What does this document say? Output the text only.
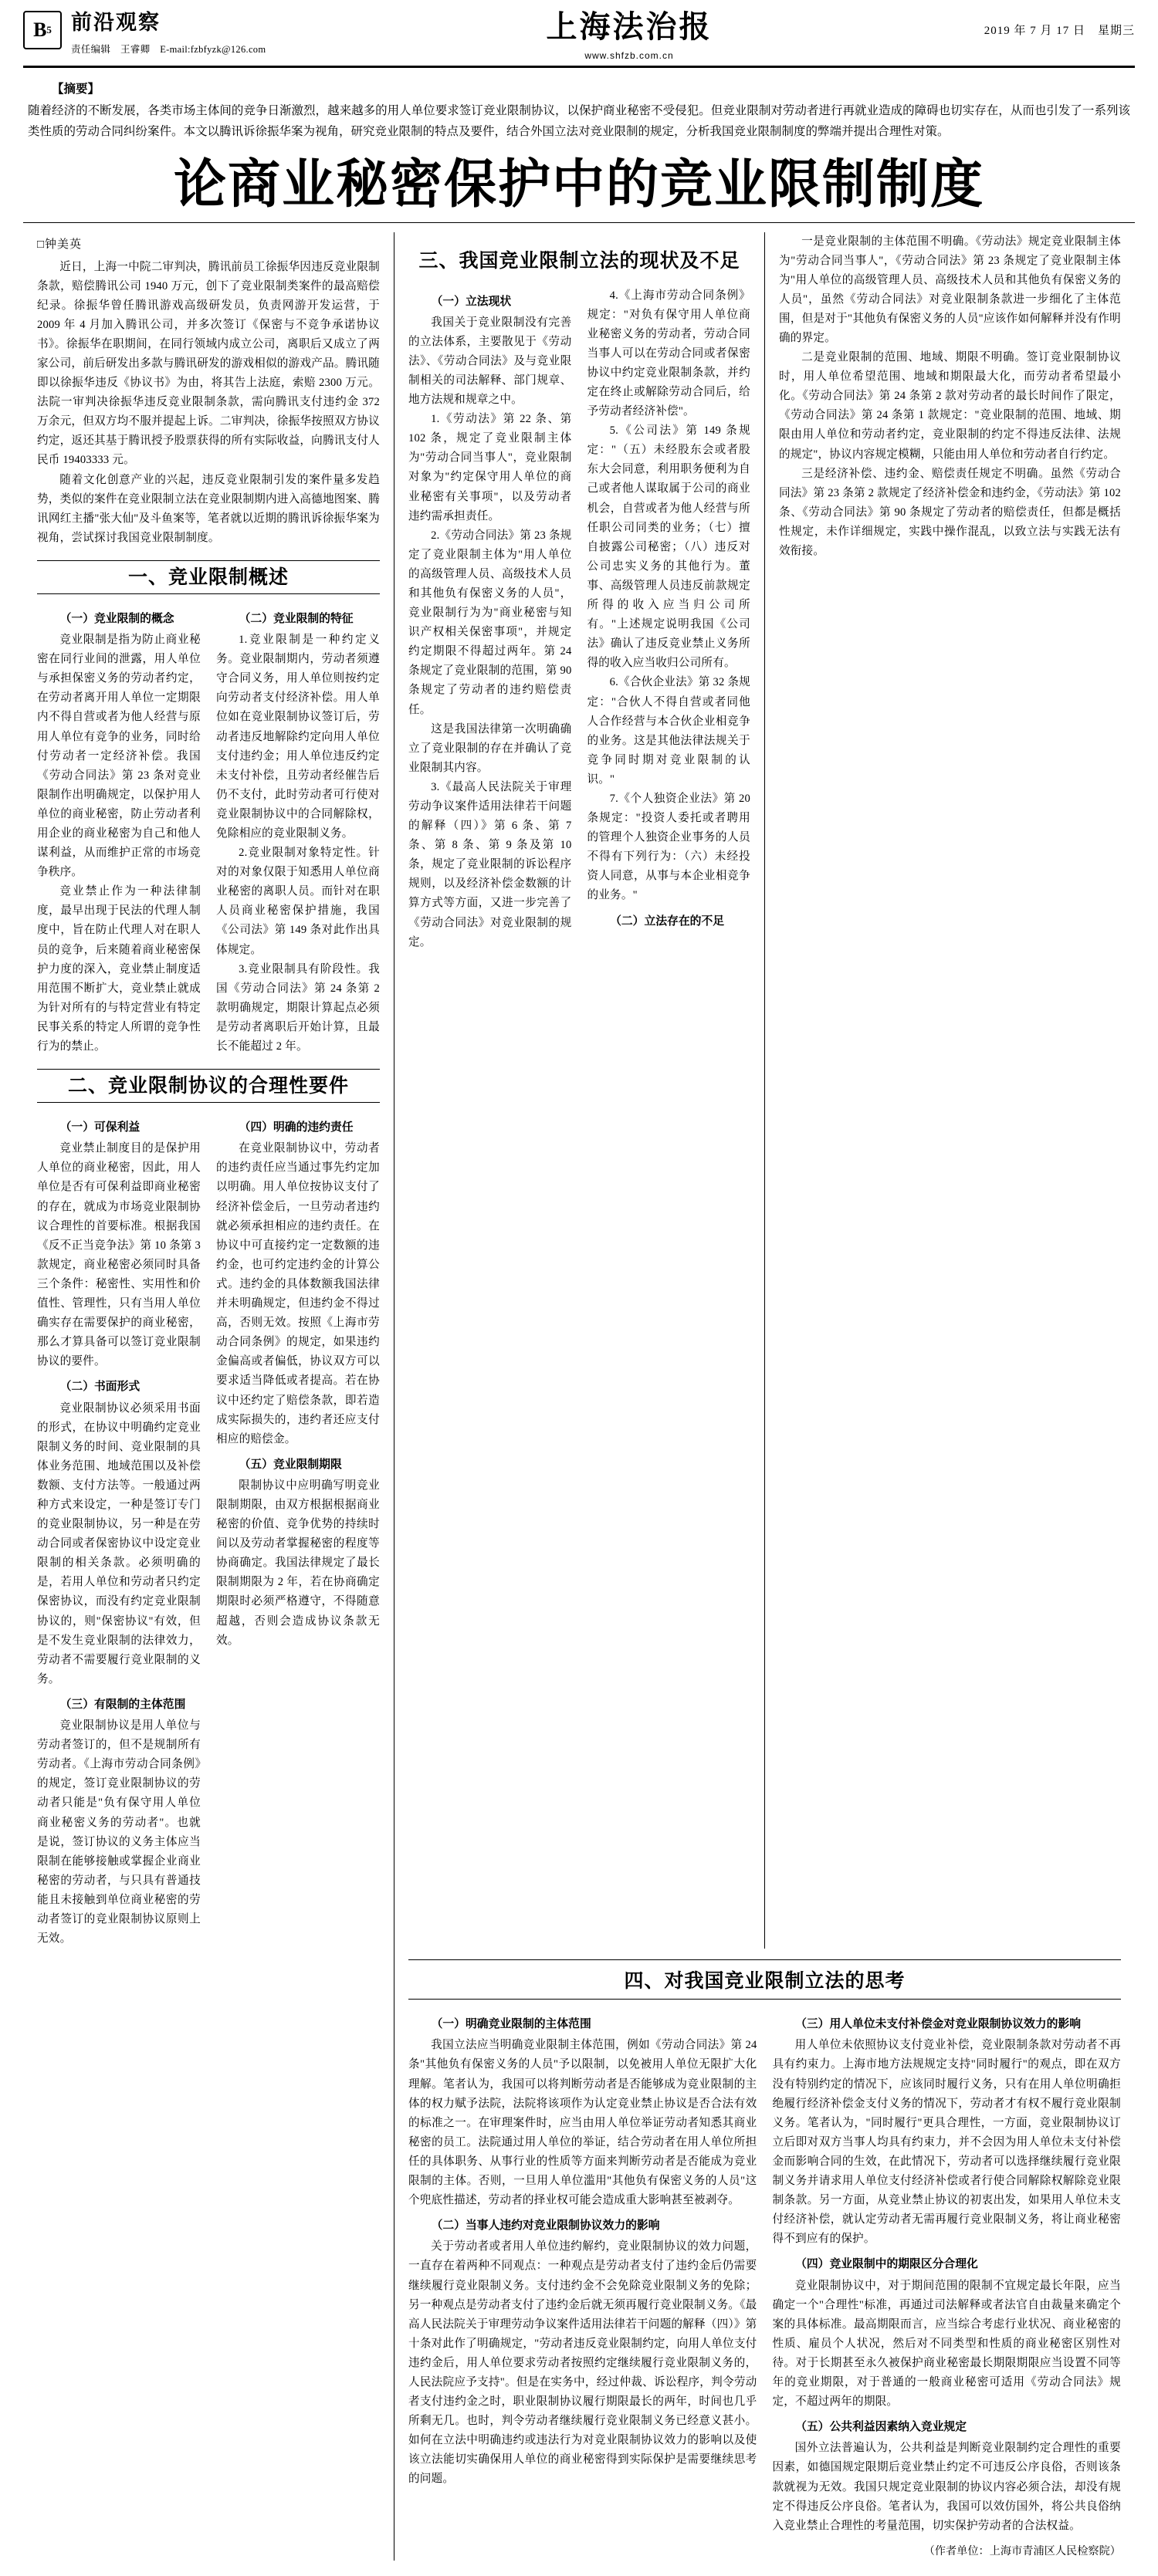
B 5 前沿观察
责任编辑　王睿卿　E-mail:fzbfyzk@126.com
上海法治报
www.shfzb.com.cn
2019 年 7 月 17 日　星期三

【摘要】
随着经济的不断发展，各类市场主体间的竞争日渐激烈，越来越多的用人单位要求签订竞业限制协议，以保护商业秘密不受侵犯。但竞业限制对劳动者进行再就业造成的障碍也切实存在，从而也引发了一系列该类性质的劳动合同纠纷案件。本文以腾讯诉徐振华案为视角，研究竞业限制的特点及要件，结合外国立法对竞业限制的规定，分析我国竞业限制制度的弊端并提出合理性对策。

论商业秘密保护中的竞业限制制度
□钟美英

近日，上海一中院二审判决，腾讯前员工徐振华因违反竞业限制条款，赔偿腾讯公司 1940 万元，创下了竞业限制类案件的最高赔偿纪录。徐振华曾任腾讯游戏高级研发员，负责网游开发运营，于 2009 年 4 月加入腾讯公司，并多次签订《保密与不竞争承诺协议书》。徐振华在职期间，在同行领域内成立公司，离职后又成立了两家公司，前后研发出多款与腾讯研发的游戏相似的游戏产品。腾讯随即以徐振华违反《协议书》为由，将其告上法庭，索赔 2300 万元。法院一审判决徐振华违反竞业限制条款，需向腾讯支付违约金 372 万余元，但双方均不服并提起上诉。二审判决，徐振华按照双方协议约定，返还其基于腾讯授予股票获得的所有实际收益，向腾讯支付人民币 19403333 元。

随着文化创意产业的兴起，违反竞业限制引发的案件量多发趋势，类似的案件在竞业限制立法在竞业限制期内进入高德地图案、腾讯网红主播"张大仙"及斗鱼案等，笔者就以近期的腾讯诉徐振华案为视角，尝试探讨我国竞业限制制度。

一、竞业限制概述
（一）竞业限制的概念

竞业限制是指为防止商业秘密在同行业间的泄露，用人单位与承担保密义务的劳动者约定，在劳动者离开用人单位一定期限内不得自营或者为他人经营与原用人单位有竞争的业务，同时给付劳动者一定经济补偿。我国《劳动合同法》第 23 条对竞业限制作出明确规定，以保护用人单位的商业秘密，防止劳动者利用企业的商业秘密为自己和他人谋利益，从而维护正常的市场竞争秩序。

竞业禁止作为一种法律制度，最早出现于民法的代理人制度中，旨在防止代理人对在职人员的竞争，后来随着商业秘密保护力度的深入，竞业禁止制度适用范围不断扩大，竞业禁止就成为针对所有的与特定营业有特定民事关系的特定人所谓的竞争性行为的禁止。

（二）竞业限制的特征

1.竞业限制是一种约定义务。竞业限制期内，劳动者须遵守合同义务，用人单位则按约定向劳动者支付经济补偿。用人单位如在竞业限制协议签订后，劳动者违反地解除约定向用人单位支付违约金；用人单位违反约定未支付补偿，且劳动者经催告后仍不支付，此时劳动者可行使对竞业限制协议中的合同解除权，免除相应的竞业限制义务。

2.竞业限制对象特定性。针对的对象仅限于知悉用人单位商业秘密的离职人员。而针对在职人员商业秘密保护措施，我国《公司法》第 149 条对此作出具体规定。

3.竞业限制具有阶段性。我国《劳动合同法》第 24 条第 2 款明确规定，期限计算起点必须是劳动者离职后开始计算，且最长不能超过 2 年。

二、竞业限制协议的合理性要件
（一）可保利益

竞业禁止制度目的是保护用人单位的商业秘密，因此，用人单位是否有可保利益即商业秘密的存在，就成为市场竞业限制协议合理性的首要标准。根据我国《反不正当竞争法》第 10 条第 3 款规定，商业秘密必须同时具备三个条件：秘密性、实用性和价值性、管理性，只有当用人单位确实存在需要保护的商业秘密，那么才算具备可以签订竞业限制协议的要件。

（二）书面形式

竞业限制协议必须采用书面的形式，在协议中明确约定竞业限制义务的时间、竞业限制的具体业务范围、地域范围以及补偿数额、支付方法等。一般通过两种方式来设定，一种是签订专门的竞业限制协议，另一种是在劳动合同或者保密协议中设定竞业限制的相关条款。必须明确的是，若用人单位和劳动者只约定保密协议，而没有约定竞业限制协议的，则"保密协议"有效，但是不发生竞业限制的法律效力，劳动者不需要履行竞业限制的义务。

（三）有限制的主体范围

竞业限制协议是用人单位与劳动者签订的，但不是规制所有劳动者。《上海市劳动合同条例》的规定，签订竞业限制协议的劳动者只能是"负有保守用人单位商业秘密义务的劳动者"。也就是说，签订协议的义务主体应当限制在能够接触或掌握企业商业秘密的劳动者，与只具有普通技能且未接触到单位商业秘密的劳动者签订的竞业限制协议原则上无效。

（四）明确的违约责任

在竞业限制协议中，劳动者的违约责任应当通过事先约定加以明确。用人单位按协议支付了经济补偿金后，一旦劳动者违约就必须承担相应的违约责任。在协议中可直接约定一定数额的违约金，也可约定违约金的计算公式。违约金的具体数额我国法律并未明确规定，但违约金不得过高，否则无效。按照《上海市劳动合同条例》的规定，如果违约金偏高或者偏低，协议双方可以要求适当降低或者提高。若在协议中还约定了赔偿条款，即若造成实际损失的，违约者还应支付相应的赔偿金。

（五）竞业限制期限

限制协议中应明确写明竞业限制期限，由双方根据根据商业秘密的价值、竞争优势的持续时间以及劳动者掌握秘密的程度等协商确定。我国法律规定了最长限制期限为 2 年，若在协商确定期限时必须严格遵守，不得随意超越，否则会造成协议条款无效。

三、我国竞业限制立法的现状及不足
（一）立法现状

我国关于竞业限制没有完善的立法体系，主要散见于《劳动法》、《劳动合同法》及与竞业限制相关的司法解释、部门规章、地方法规和规章之中。

1.《劳动法》第 22 条、第 102 条，规定了竞业限制主体为"劳动合同当事人"，竞业限制对象为"约定保守用人单位的商业秘密有关事项"，以及劳动者违约需承担责任。

2.《劳动合同法》第 23 条规定了竞业限制主体为"用人单位的高级管理人员、高级技术人员和其他负有保密义务的人员"，竞业限制行为为"商业秘密与知识产权相关保密事项"，并规定约定期限不得超过两年。第 24 条规定了竞业限制的范围，第 90 条规定了劳动者的违约赔偿责任。

这是我国法律第一次明确确立了竞业限制的存在并确认了竞业限制其内容。

3.《最高人民法院关于审理劳动争议案件适用法律若干问题的解释（四）》第 6 条、第 7 条、第 8 条、第 9 条及第 10 条，规定了竞业限制的诉讼程序规则，以及经济补偿金数额的计算方式等方面，又进一步完善了《劳动合同法》对竞业限制的规定。

4.《上海市劳动合同条例》规定："对负有保守用人单位商业秘密义务的劳动者，劳动合同当事人可以在劳动合同或者保密协议中约定竞业限制条款，并约定在终止或解除劳动合同后，给予劳动者经济补偿"。

5.《公司法》第 149 条规定："（五）未经股东会或者股东大会同意，利用职务便利为自己或者他人谋取属于公司的商业机会，自营或者为他人经营与所任职公司同类的业务；（七）擅自披露公司秘密；（八）违反对公司忠实义务的其他行为。董事、高级管理人员违反前款规定所得的收入应当归公司所有。"上述规定说明我国《公司法》确认了违反竞业禁止义务所得的收入应当收归公司所有。

6.《合伙企业法》第 32 条规定："合伙人不得自营或者同他人合作经营与本合伙企业相竞争的业务。这是其他法律法规关于竞争同时期对竞业限制的认识。"

7.《个人独资企业法》第 20 条规定："投资人委托或者聘用的管理个人独资企业事务的人员不得有下列行为：（六）未经投资人同意，从事与本企业相竞争的业务。"

（二）立法存在的不足

一是竞业限制的主体范围不明确。《劳动法》规定竞业限制主体为"劳动合同当事人"，《劳动合同法》第 23 条规定了竞业限制主体为"用人单位的高级管理人员、高级技术人员和其他负有保密义务的人员"，虽然《劳动合同法》对竞业限制条款进一步细化了主体范围，但是对于"其他负有保密义务的人员"应该作如何解释并没有作明确的界定。

二是竞业限制的范围、地域、期限不明确。签订竞业限制协议时，用人单位希望范围、地域和期限最大化，而劳动者希望最小化。《劳动合同法》第 24 条第 2 款对劳动者的最长时间作了限定，《劳动合同法》第 24 条第 1 款规定："竞业限制的范围、地域、期限由用人单位和劳动者约定，竞业限制的约定不得违反法律、法规的规定"，协议内容规定模糊，只能由用人单位和劳动者自行约定。

三是经济补偿、违约金、赔偿责任规定不明确。虽然《劳动合同法》第 23 条第 2 款规定了经济补偿金和违约金，《劳动法》第 102 条、《劳动合同法》第 90 条规定了劳动者的赔偿责任，但都是概括性规定，未作详细规定，实践中操作混乱，以致立法与实践无法有效衔接。

四、对我国竞业限制立法的思考
（一）明确竞业限制的主体范围

我国立法应当明确竞业限制主体范围，例如《劳动合同法》第 24 条"其他负有保密义务的人员"予以限制，以免被用人单位无限扩大化理解。笔者认为，我国可以将判断劳动者是否能够成为竞业限制的主体的权力赋予法院，法院将该项作为认定竞业禁止协议是否合法有效的标准之一。在审理案件时，应当由用人单位举证劳动者知悉其商业秘密的员工。法院通过用人单位的举证，结合劳动者在用人单位所担任的具体职务、从事行业的性质等方面来判断劳动者是否能成为竞业限制的主体。否则，一旦用人单位滥用"其他负有保密义务的人员"这个兜底性描述，劳动者的择业权可能会造成重大影响甚至被剥夺。

（二）当事人违约对竞业限制协议效力的影响

关于劳动者或者用人单位违约解约，竞业限制协议的效力问题，一直存在着两种不同观点：一种观点是劳动者支付了违约金后仍需要继续履行竞业限制义务。支付违约金不会免除竞业限制义务的免除；另一种观点是劳动者支付了违约金后就无须再履行竞业限制义务。《最高人民法院关于审理劳动争议案件适用法律若干问题的解释（四）》第十条对此作了明确规定，"劳动者违反竞业限制约定，向用人单位支付违约金后，用人单位要求劳动者按照约定继续履行竞业限制义务的，人民法院应予支持"。但是在实务中，经过仲裁、诉讼程序，判令劳动者支付违约金之时，职业限制协议履行期限最长的两年，时间也几乎所剩无几。也时，判令劳动者继续履行竞业限制义务已经意义甚小。如何在立法中明确违约或违法行为对竞业限制协议效力的影响以及使该立法能切实确保用人单位的商业秘密得到实际保护是需要继续思考的问题。

（三）用人单位未支付补偿金对竞业限制协议效力的影响

用人单位未依照协议支付竞业补偿，竞业限制条款对劳动者不再具有约束力。上海市地方法规规定支持"同时履行"的观点，即在双方没有特别约定的情况下，应该同时履行义务，只有在用人单位明确拒绝履行经济补偿金支付义务的情况下，劳动者才有权不履行竞业限制义务。笔者认为，"同时履行"更具合理性，一方面，竞业限制协议订立后即对双方当事人均具有约束力，并不会因为用人单位未支付补偿金而影响合同的生效，在此情况下，劳动者可以选择继续履行竞业限制义务并请求用人单位支付经济补偿或者行使合同解除权解除竞业限制条款。另一方面，从竞业禁止协议的初衷出发，如果用人单位未支付经济补偿，就认定劳动者无需再履行竞业限制义务，将让商业秘密得不到应有的保护。

（四）竞业限制中的期限区分合理化

竞业限制协议中，对于期间范围的限制不宜规定最长年限，应当确定一个"合理性"标准，再通过司法解释或者法官自由裁量来确定个案的具体标准。最高期限而言，应当综合考虑行业状况、商业秘密的性质、雇员个人状况，然后对不同类型和性质的商业秘密区别性对待。对于长期甚至永久被保护商业秘密最长期限期限应当设置不同等年的竞业期限，对于普通的一般商业秘密可适用《劳动合同法》规定，不超过两年的期限。

（五）公共利益因素纳入竞业规定

国外立法普遍认为，公共利益是判断竞业限制约定合理性的重要因素，如德国规定限期后竞业禁止约定不可违反公序良俗，否则该条款就视为无效。我国只规定竞业限制的协议内容必须合法，却没有规定不得违反公序良俗。笔者认为，我国可以效仿国外，将公共良俗纳入竞业禁止合理性的考量范围，切实保护劳动者的合法权益。

（作者单位：上海市青浦区人民检察院）
